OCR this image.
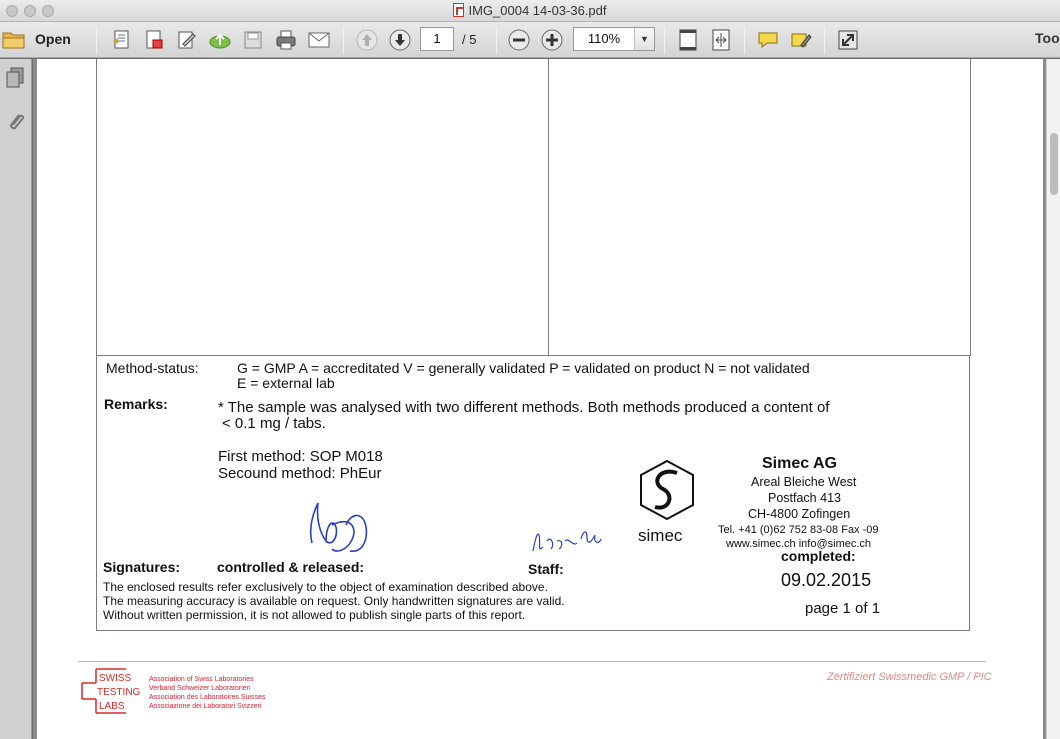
IMG_0004 14-03-36.pdf
Open	1	/ 5	110%	▼	Too
Method-status:	G = GMP A = accreditated V = generally validated P = validated on product N = not validated
E = external lab
Remarks:	* The sample was analysed with two different methods. Both methods produced a content of
< 0.1 mg / tabs.
First method: SOP M018
Secound method: PhEur
simec
Simec AG
Areal Bleiche West
Postfach 413
CH-4800 Zofingen
Tel. +41 (0)62 752 83-08 Fax -09
www.simec.ch info@simec.ch
Signatures:	controlled & released:	Staff:
completed:
09.02.2015
page 1 of 1
The enclosed results refer exclusively to the object of examination described above.
The measuring accuracy is available on request. Only handwritten signatures are valid.
Without written permission, it is not allowed to publish single parts of this report.
SWISS
TESTING
LABS
Association of Swiss Laboratories
Verband Schweizer Laboratorien
Association des Laboratoires Suisses
Associazione dei Laboratori Svizzeri
Zertifiziert Swissmedic GMP / PIC
